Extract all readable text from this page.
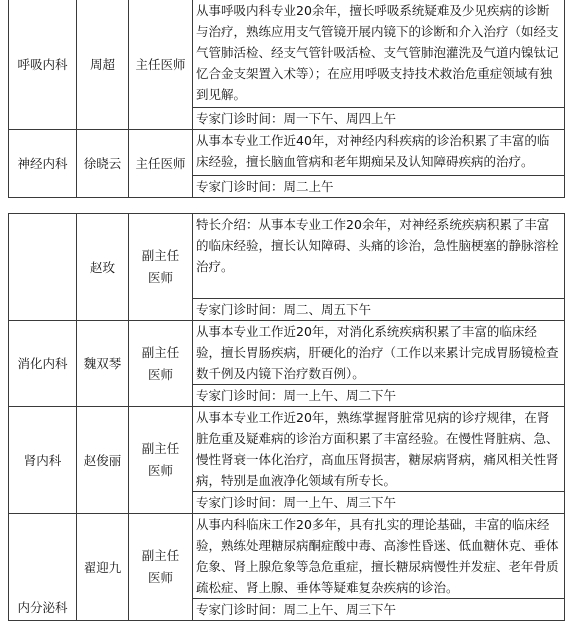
呼吸内科	周超	主任医师	从事呼吸内科专业20余年，擅长呼吸系统疑难及少见疾病的诊断与治疗，熟练应用支气管镜开展内镜下的诊断和介入治疗（如经支气管肺活检、经支气管针吸活检、支气管肺泡灌洗及气道内镍钛记忆合金支架置入术等）；在应用呼吸支持技术救治危重症领域有独到见解。
专家门诊时间：周一下午、周四上午

神经内科	徐晓云	主任医师	从事本专业工作近40年，对神经内科疾病的诊治积累了丰富的临床经验，擅长脑血管病和老年期痴呆及认知障碍疾病的治疗。
专家门诊时间：周二上午
	赵玫	副主任医师	特长介绍：从事本专业工作20余年，对神经系统疾病积累了丰富的临床经验，擅长认知障碍、头痛的诊治，急性脑梗塞的静脉溶栓治疗。
专家门诊时间：周二、周五下午

消化内科	魏双琴	副主任医师	从事本专业工作近20年，对消化系统疾病积累了丰富的临床经验，擅长胃肠疾病，肝硬化的治疗（工作以来累计完成胃肠镜检查数千例及内镜下治疗数百例）。
专家门诊时间：周一上午、周二下午

肾内科	赵俊丽	副主任医师	从事本专业工作近20年，熟练掌握肾脏常见病的诊疗规律，在肾脏危重及疑难病的诊治方面积累了丰富经验。在慢性肾脏病、急、慢性肾衰一体化治疗，高血压肾损害，糖尿病肾病，痛风相关性肾病，特别是血液净化领域有所专长。
专家门诊时间：周一上午、周三下午

内分泌科	翟迎九	副主任医师	从事内科临床工作20多年，具有扎实的理论基础，丰富的临床经验，熟练处理糖尿病酮症酸中毒、高渗性昏迷、低血糖休克、垂体危象、肾上腺危象等急危重症，擅长糖尿病慢性并发症、老年骨质疏松症、肾上腺、垂体等疑难复杂疾病的诊治。
专家门诊时间：周二上午、周三下午
